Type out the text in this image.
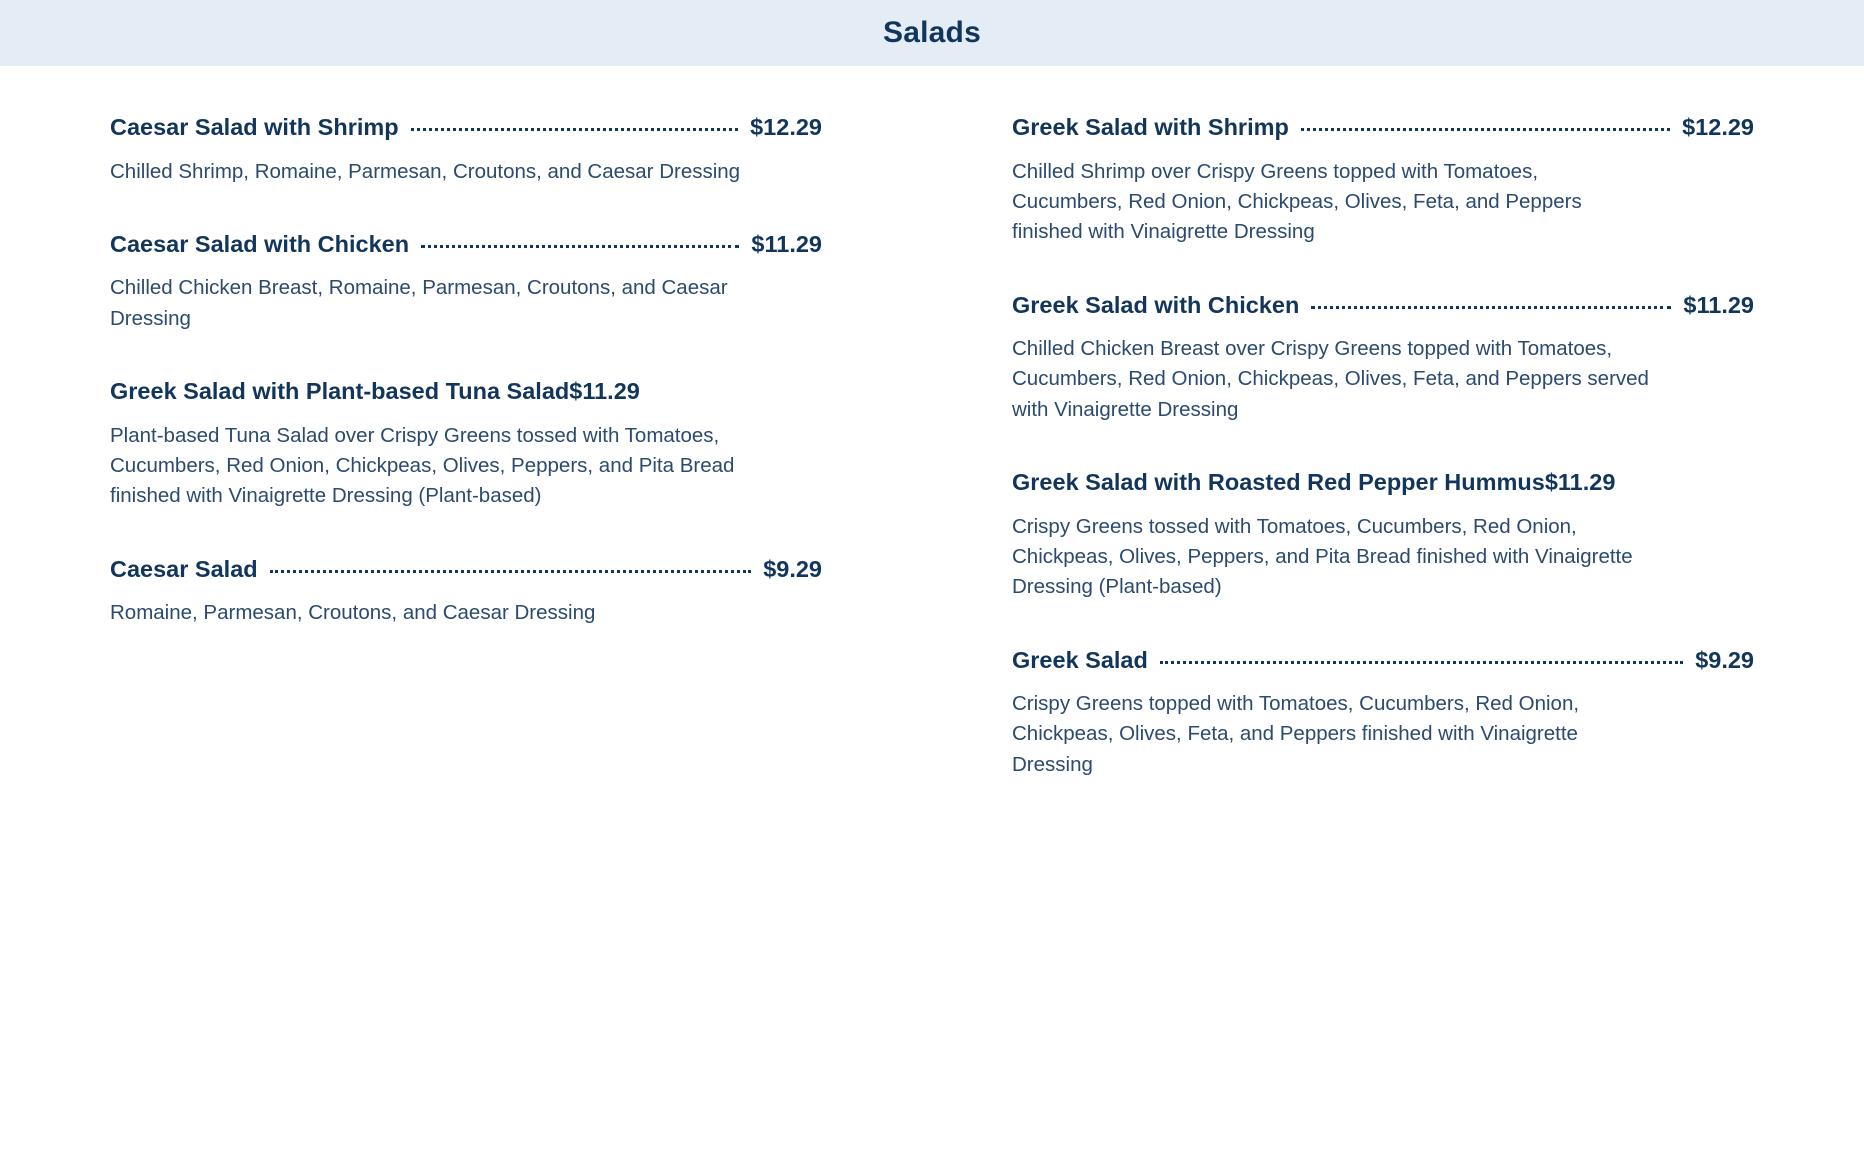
Salads
Caesar Salad with Shrimp	$12.29
Chilled Shrimp, Romaine, Parmesan, Croutons, and Caesar Dressing
Caesar Salad with Chicken	$11.29
Chilled Chicken Breast, Romaine, Parmesan, Croutons, and Caesar Dressing
Greek Salad with Plant-based Tuna Salad $11.29
Plant-based Tuna Salad over Crispy Greens tossed with Tomatoes, Cucumbers, Red Onion, Chickpeas, Olives, Peppers, and Pita Bread finished with Vinaigrette Dressing (Plant-based)
Caesar Salad	$9.29
Romaine, Parmesan, Croutons, and Caesar Dressing
Greek Salad with Shrimp	$12.29
Chilled Shrimp over Crispy Greens topped with Tomatoes, Cucumbers, Red Onion, Chickpeas, Olives, Feta, and Peppers finished with Vinaigrette Dressing
Greek Salad with Chicken	$11.29
Chilled Chicken Breast over Crispy Greens topped with Tomatoes, Cucumbers, Red Onion, Chickpeas, Olives, Feta, and Peppers served with Vinaigrette Dressing
Greek Salad with Roasted Red Pepper Hummus $11.29
Crispy Greens tossed with Tomatoes, Cucumbers, Red Onion, Chickpeas, Olives, Peppers, and Pita Bread finished with Vinaigrette Dressing (Plant-based)
Greek Salad	$9.29
Crispy Greens topped with Tomatoes, Cucumbers, Red Onion, Chickpeas, Olives, Feta, and Peppers finished with Vinaigrette Dressing
